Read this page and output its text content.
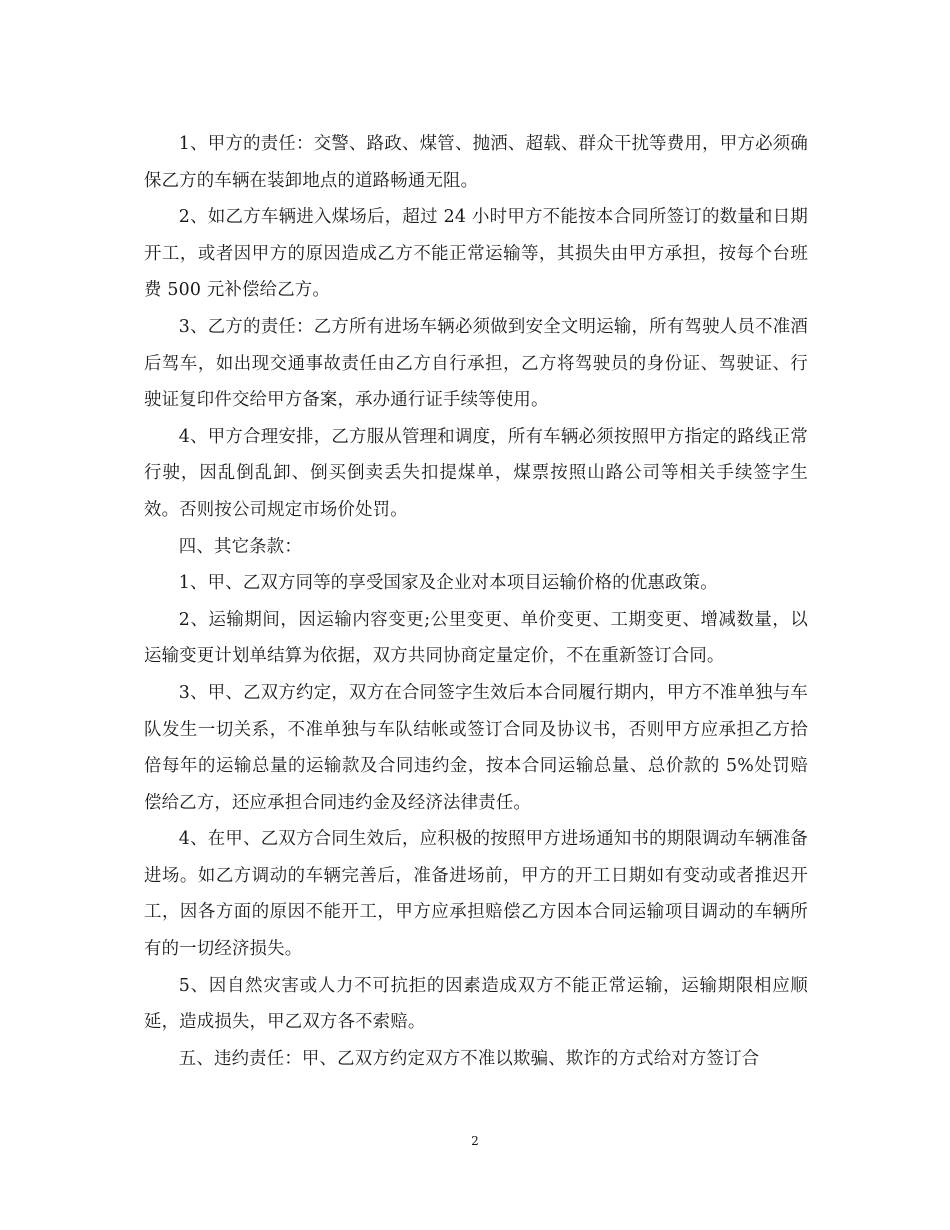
1、甲方的责任：交警、路政、煤管、抛洒、超载、群众干扰等费用，甲方必须确保乙方的车辆在装卸地点的道路畅通无阻。

2、如乙方车辆进入煤场后，超过 24 小时甲方不能按本合同所签订的数量和日期开工，或者因甲方的原因造成乙方不能正常运输等，其损失由甲方承担，按每个台班费 500 元补偿给乙方。

3、乙方的责任：乙方所有进场车辆必须做到安全文明运输，所有驾驶人员不准酒后驾车，如出现交通事故责任由乙方自行承担，乙方将驾驶员的身份证、驾驶证、行驶证复印件交给甲方备案，承办通行证手续等使用。

4、甲方合理安排，乙方服从管理和调度，所有车辆必须按照甲方指定的路线正常行驶，因乱倒乱卸、倒买倒卖丢失扣提煤单，煤票按照山路公司等相关手续签字生效。否则按公司规定市场价处罚。

四、其它条款：

1、甲、乙双方同等的享受国家及企业对本项目运输价格的优惠政策。

2、运输期间，因运输内容变更;公里变更、单价变更、工期变更、增减数量，以运输变更计划单结算为依据，双方共同协商定量定价，不在重新签订合同。

3、甲、乙双方约定，双方在合同签字生效后本合同履行期内，甲方不准单独与车队发生一切关系，不准单独与车队结帐或签订合同及协议书，否则甲方应承担乙方拾倍每年的运输总量的运输款及合同违约金，按本合同运输总量、总价款的 5%处罚赔偿给乙方，还应承担合同违约金及经济法律责任。

4、在甲、乙双方合同生效后，应积极的按照甲方进场通知书的期限调动车辆准备进场。如乙方调动的车辆完善后，准备进场前，甲方的开工日期如有变动或者推迟开工，因各方面的原因不能开工，甲方应承担赔偿乙方因本合同运输项目调动的车辆所有的一切经济损失。

5、因自然灾害或人力不可抗拒的因素造成双方不能正常运输，运输期限相应顺延，造成损失，甲乙双方各不索赔。

五、违约责任：甲、乙双方约定双方不准以欺骗、欺诈的方式给对方签订合

2
